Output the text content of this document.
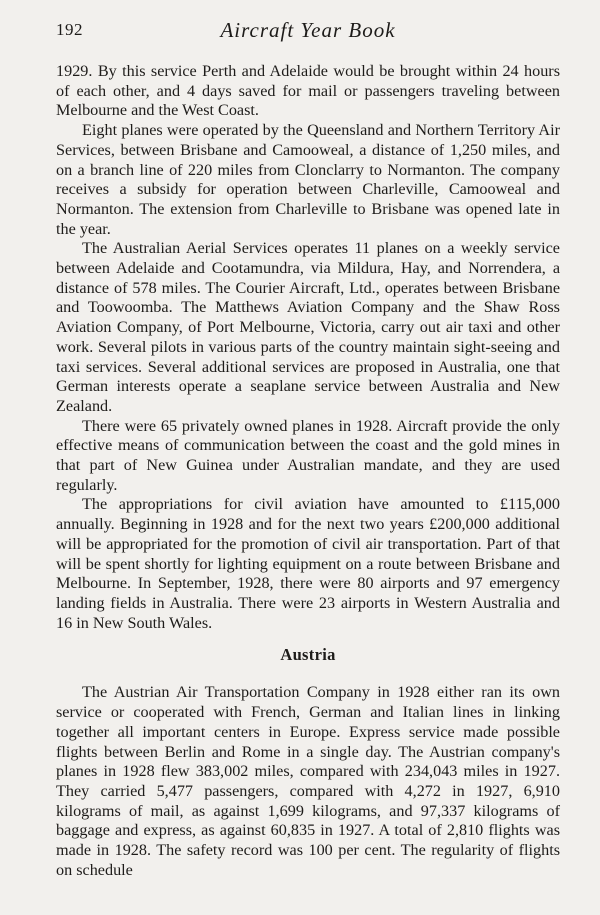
192	Aircraft Year Book

1929. By this service Perth and Adelaide would be brought within 24 hours of each other, and 4 days saved for mail or passengers traveling between Melbourne and the West Coast.

Eight planes were operated by the Queensland and Northern Territory Air Services, between Brisbane and Camooweal, a distance of 1,250 miles, and on a branch line of 220 miles from Clonclarry to Normanton. The company receives a subsidy for operation between Charleville, Camooweal and Normanton. The extension from Charleville to Brisbane was opened late in the year.

The Australian Aerial Services operates 11 planes on a weekly service between Adelaide and Cootamundra, via Mildura, Hay, and Norrendera, a distance of 578 miles. The Courier Aircraft, Ltd., operates between Brisbane and Toowoomba. The Matthews Aviation Company and the Shaw Ross Aviation Company, of Port Melbourne, Victoria, carry out air taxi and other work. Several pilots in various parts of the country maintain sight-seeing and taxi services. Several additional services are proposed in Australia, one that German interests operate a seaplane service between Australia and New Zealand.

There were 65 privately owned planes in 1928. Aircraft provide the only effective means of communication between the coast and the gold mines in that part of New Guinea under Australian mandate, and they are used regularly.

The appropriations for civil aviation have amounted to £115,000 annually. Beginning in 1928 and for the next two years £200,000 additional will be appropriated for the promotion of civil air transportation. Part of that will be spent shortly for lighting equipment on a route between Brisbane and Melbourne. In September, 1928, there were 80 airports and 97 emergency landing fields in Australia. There were 23 airports in Western Australia and 16 in New South Wales.

Austria

The Austrian Air Transportation Company in 1928 either ran its own service or cooperated with French, German and Italian lines in linking together all important centers in Europe. Express service made possible flights between Berlin and Rome in a single day. The Austrian company's planes in 1928 flew 383,002 miles, compared with 234,043 miles in 1927. They carried 5,477 passengers, compared with 4,272 in 1927, 6,910 kilograms of mail, as against 1,699 kilograms, and 97,337 kilograms of baggage and express, as against 60,835 in 1927. A total of 2,810 flights was made in 1928. The safety record was 100 per cent. The regularity of flights on schedule
